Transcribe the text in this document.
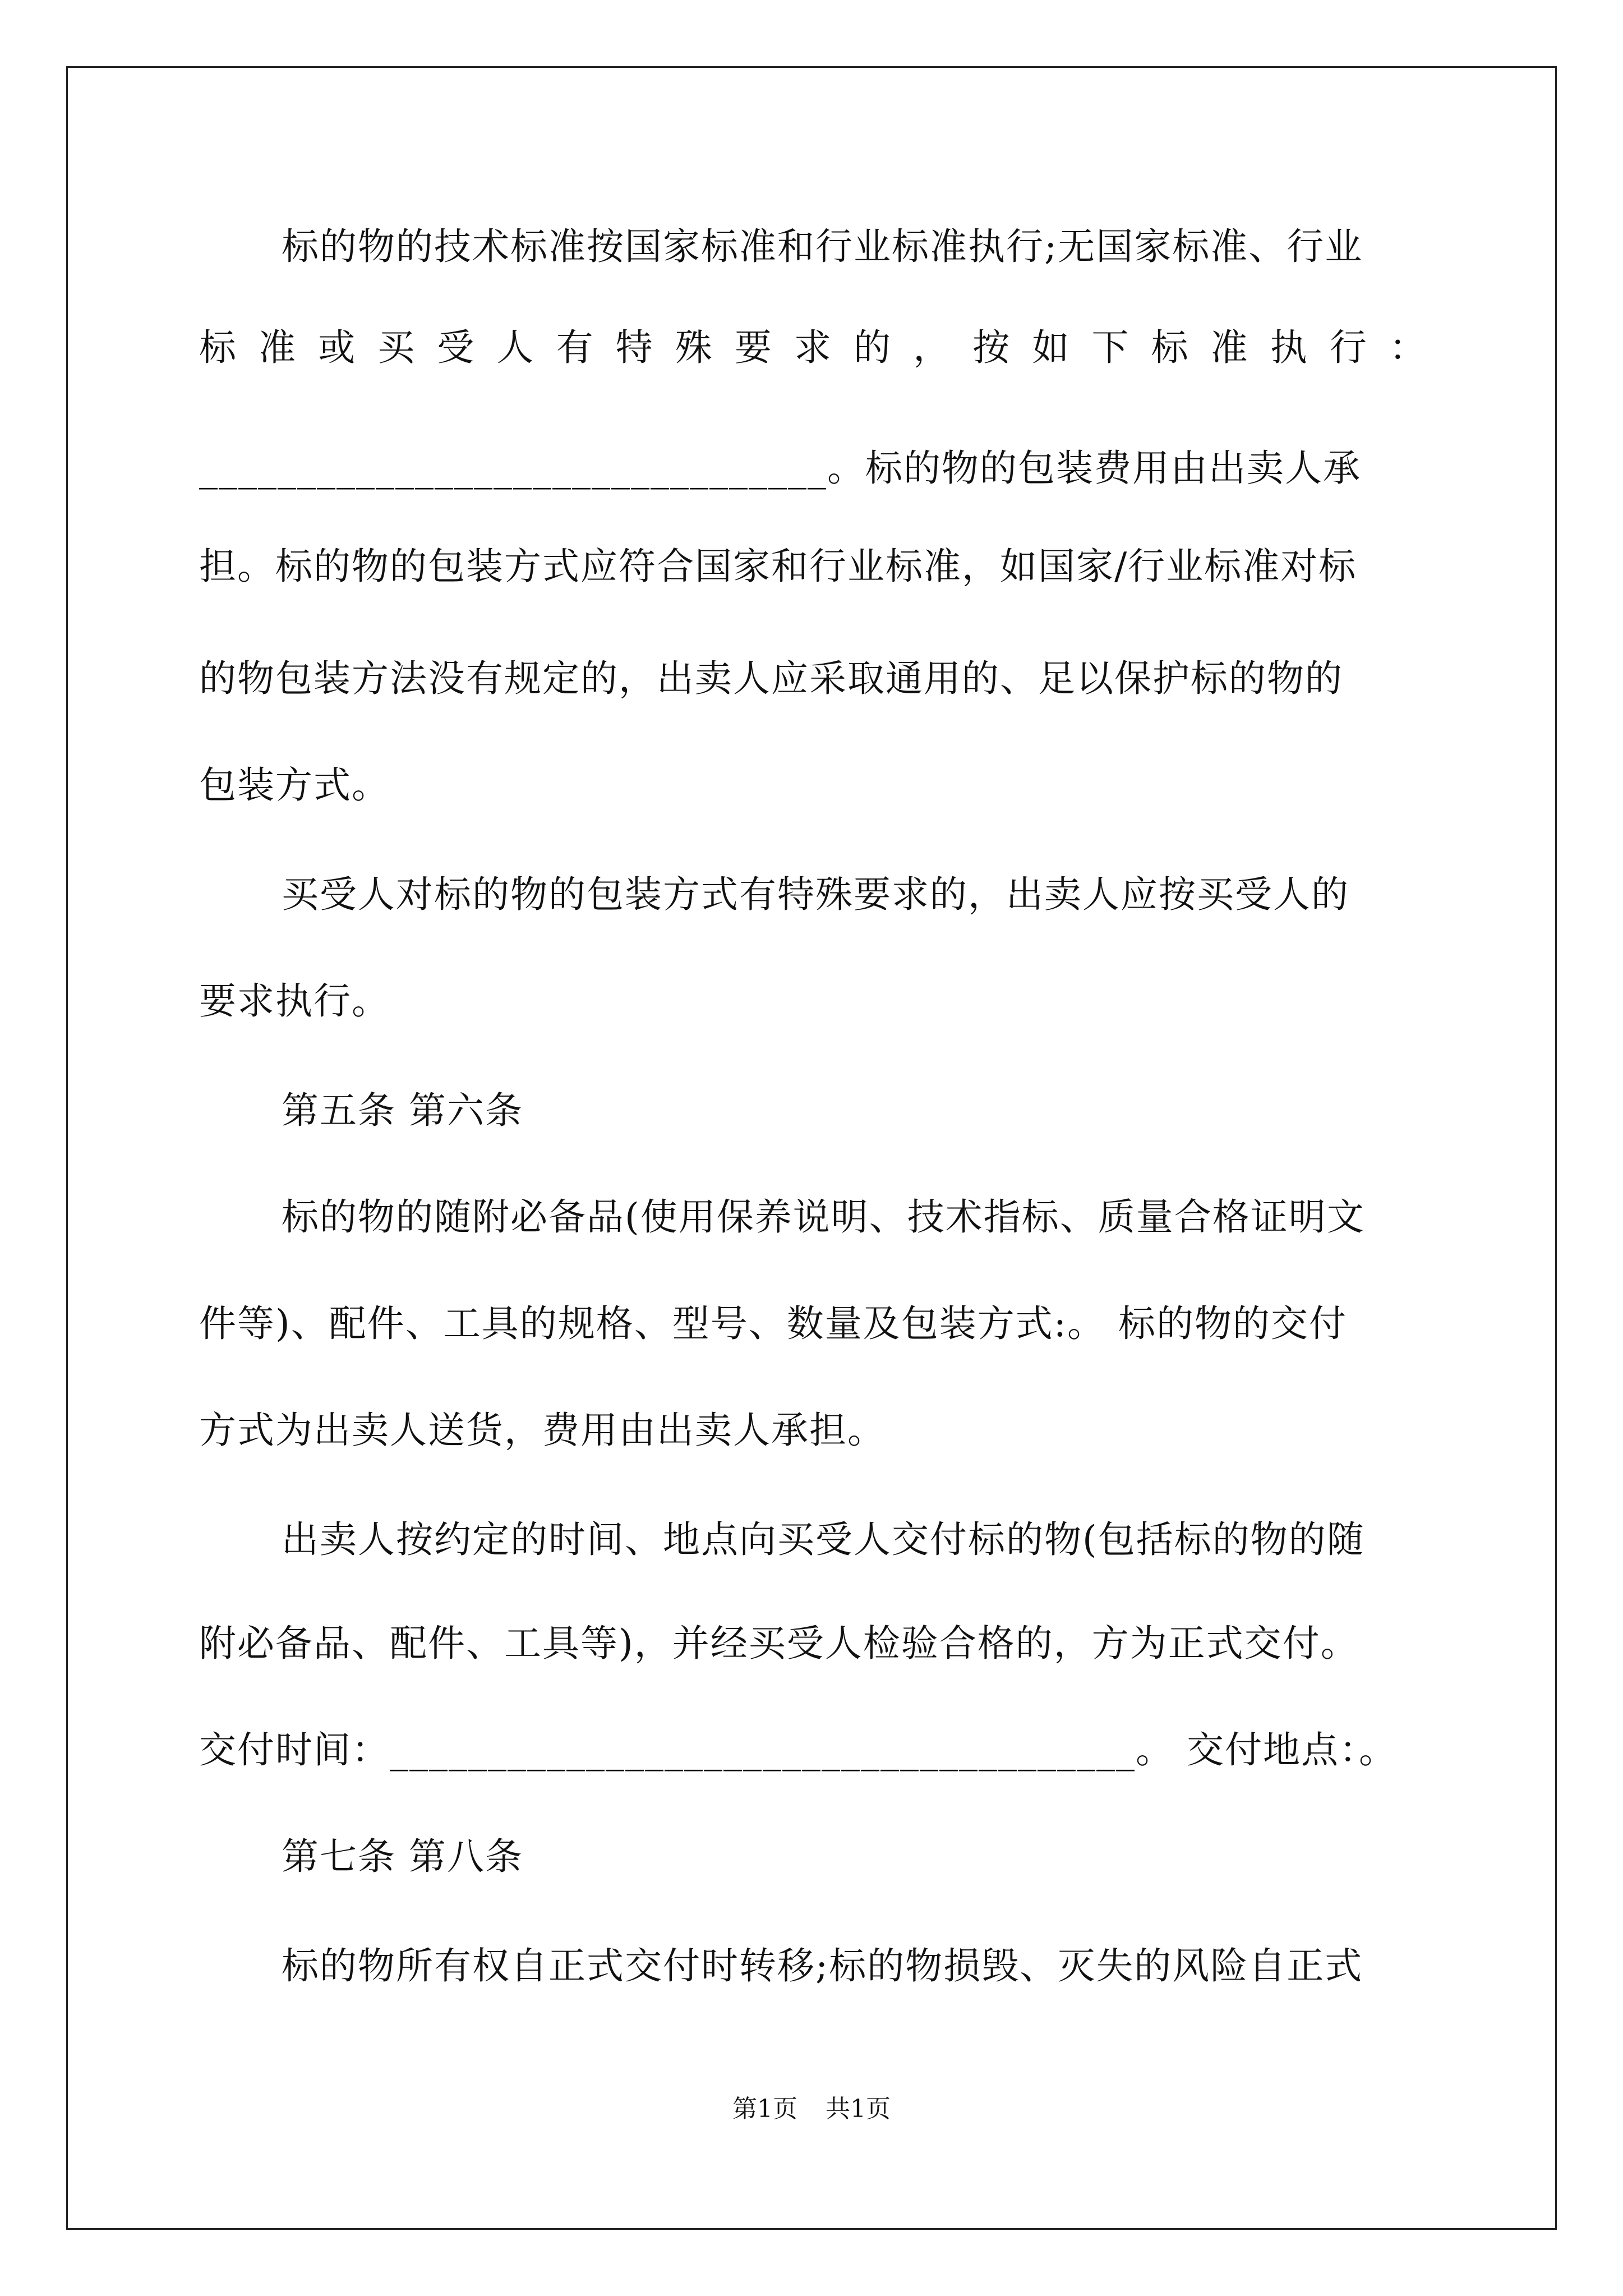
标的物的技术标准按国家标准和行业标准执行;无国家标准、行业
标 准 或 买 受 人 有 特 殊 要 求 的 ， 按 如 下 标 准 执 行 ：
________________________________。标的物的包装费用由出卖人承
担。标的物的包装方式应符合国家和行业标准，如国家/行业标准对标
的物包装方法没有规定的，出卖人应采取通用的、足以保护标的物的
包装方式。
买受人对标的物的包装方式有特殊要求的，出卖人应按买受人的
要求执行。
第五条 第六条
标的物的随附必备品(使用保养说明、技术指标、质量合格证明文
件等)、配件、工具的规格、型号、数量及包装方式:。 标的物的交付
方式为出卖人送货，费用由出卖人承担。
出卖人按约定的时间、地点向买受人交付标的物(包括标的物的随
附必备品、配件、工具等)，并经买受人检验合格的，方为正式交付。
交付时间：______________________________________。 交付地点：。
第七条 第八条
标的物所有权自正式交付时转移;标的物损毁、灭失的风险自正式
第1页 共1页
